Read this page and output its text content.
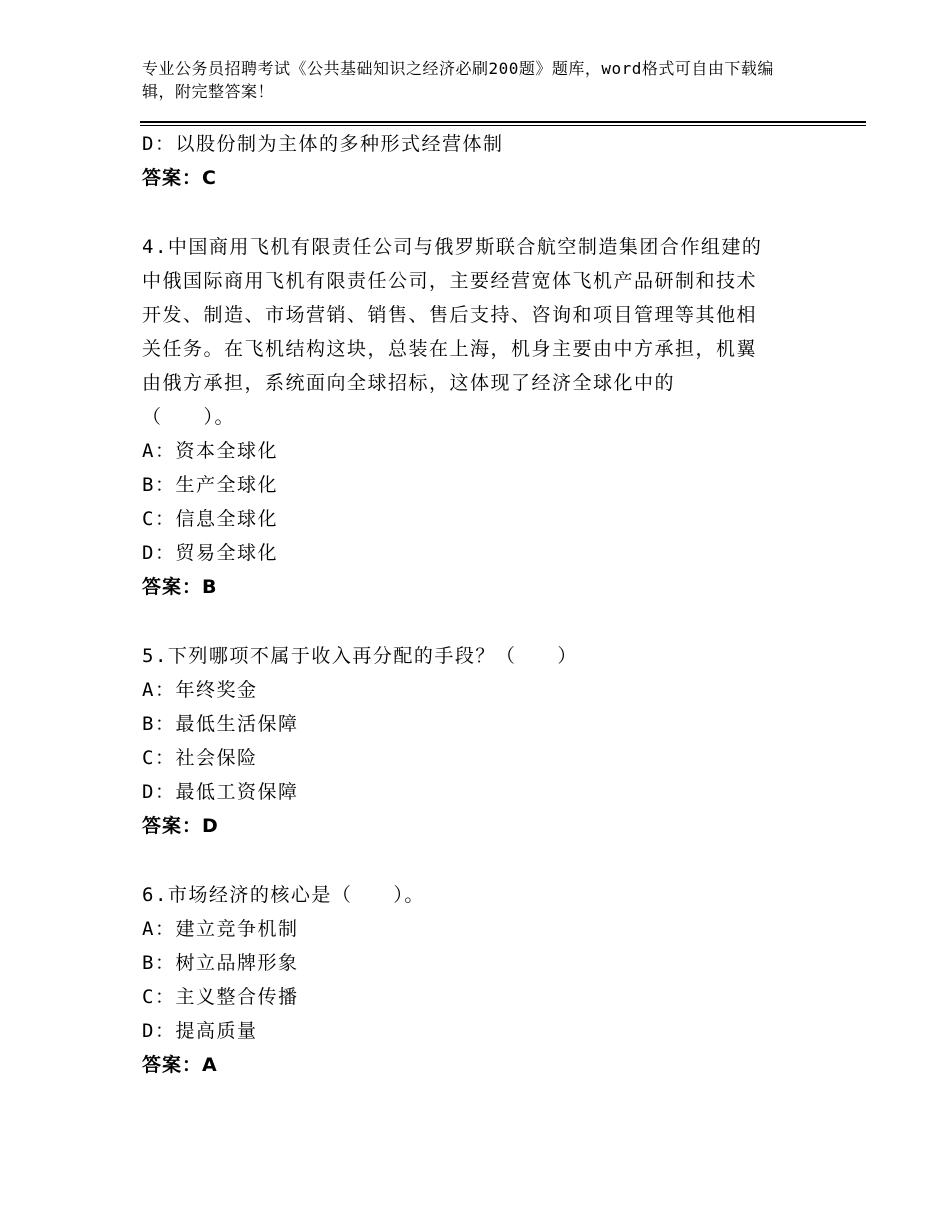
专业公务员招聘考试《公共基础知识之经济必刷200题》题库，word格式可自由下载编辑，附完整答案！
D：以股份制为主体的多种形式经营体制
答案：C
4.中国商用飞机有限责任公司与俄罗斯联合航空制造集团合作组建的
中俄国际商用飞机有限责任公司，主要经营宽体飞机产品研制和技术
开发、制造、市场营销、销售、售后支持、咨询和项目管理等其他相
关任务。在飞机结构这块，总装在上海，机身主要由中方承担，机翼
由俄方承担，系统面向全球招标，这体现了经济全球化中的
（　　）。
A：资本全球化
B：生产全球化
C：信息全球化
D：贸易全球化
答案：B
5.下列哪项不属于收入再分配的手段？（　　）
A：年终奖金
B：最低生活保障
C：社会保险
D：最低工资保障
答案：D
6.市场经济的核心是（　　）。
A：建立竞争机制
B：树立品牌形象
C：主义整合传播
D：提高质量
答案：A
